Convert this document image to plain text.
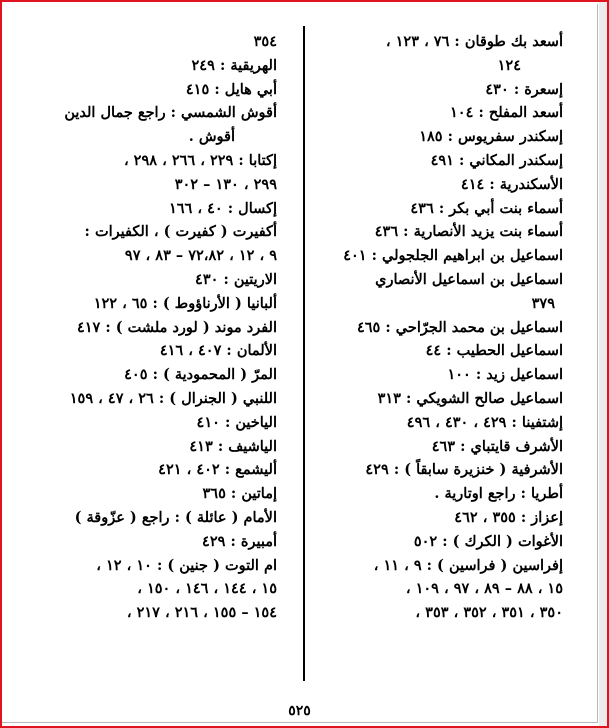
أسعد بك طوقان : ٧٦ ، ١٢٣ ،
١٢٤
إسعرة : ٤٣٠
أسعد المفلح : ١٠٤
إسكندر سفريوس : ١٨٥
إسكندر المكاني : ٤٩١
الأسكندرية : ٤١٤
أسماء بنت أبي بكر : ٤٣٦
أسماء بنت يزيد الأنصارية : ٤٣٦
اسماعيل بن ابراهيم الجلجولي : ٤٠١
اسماعيل بن اسماعيل الأنصاري
٣٧٩
اسماعيل بن محمد الجرّاحي : ٤٦٥
اسماعيل الحطيب : ٤٤
اسماعيل زيد : ١٠٠
اسماعيل صالح الشويكي : ٣١٣
إشتفينا : ٤٢٩ ، ٤٣٠ ، ٤٩٦
الأشرف قايتباي : ٤٦٣
الأشرفية ( خنزيرة سابقاً ) : ٤٢٩
أطريا : راجع اوتارية .
إعزاز : ٣٥٥ ، ٤٦٢
الأغوات ( الكرك ) : ٥٠٢
إفراسين ( فراسين ) : ٩ ، ١١ ،
١٥ ، ٨٨ – ٨٩ ، ٩٧ ، ١٠٩ ،
٣٥٠ ، ٣٥١ ، ٣٥٢ ، ٣٥٣ ،
٣٥٤
الهريقية : ٢٤٩
أبي هايل : ٤١٥
أقوش الشمسي : راجع جمال الدين
أقوش .
إكتابا : ٢٢٩ ، ٢٦٦ ، ٢٩٨ ،
٢٩٩ ، ١٣٠ – ٣٠٢
إكسال : ٤٠ ، ١٦٦
أكفيرت ( كفيرت ) ، الكفيرات :
٩ ، ١٢ ، ٧٢،٨٢ – ٨٣ ، ٩٧
الاريتين : ٤٣٠
ألبانيا ( الأرناؤوط ) : ٦٥ ، ١٢٢
الفرد موند ( لورد ملشت ) : ٤١٧
الألمان : ٤٠٧ ، ٤١٦
المرّ ( المحمودية ) : ٤٠٥
اللنبي ( الجنرال ) : ٢٦ ، ٤٧ ، ١٥٩
الياخين : ٤١٠
الياشيف : ٤١٣
أليشمع : ٤٠٢ ، ٤٢١
إماتين : ٣٦٥
الأمام ( عائلة ) : راجع ( عزّوقة )
أمبيرة : ٤٢٩
ام التوت ( جنين ) : ١٠ ، ١٢ ،
١٥ ، ١٤٤ ، ١٤٦ ، ١٥٠ ،
١٥٤ – ١٥٥ ، ٢١٦ ، ٢١٧ ،
٥٢٥
